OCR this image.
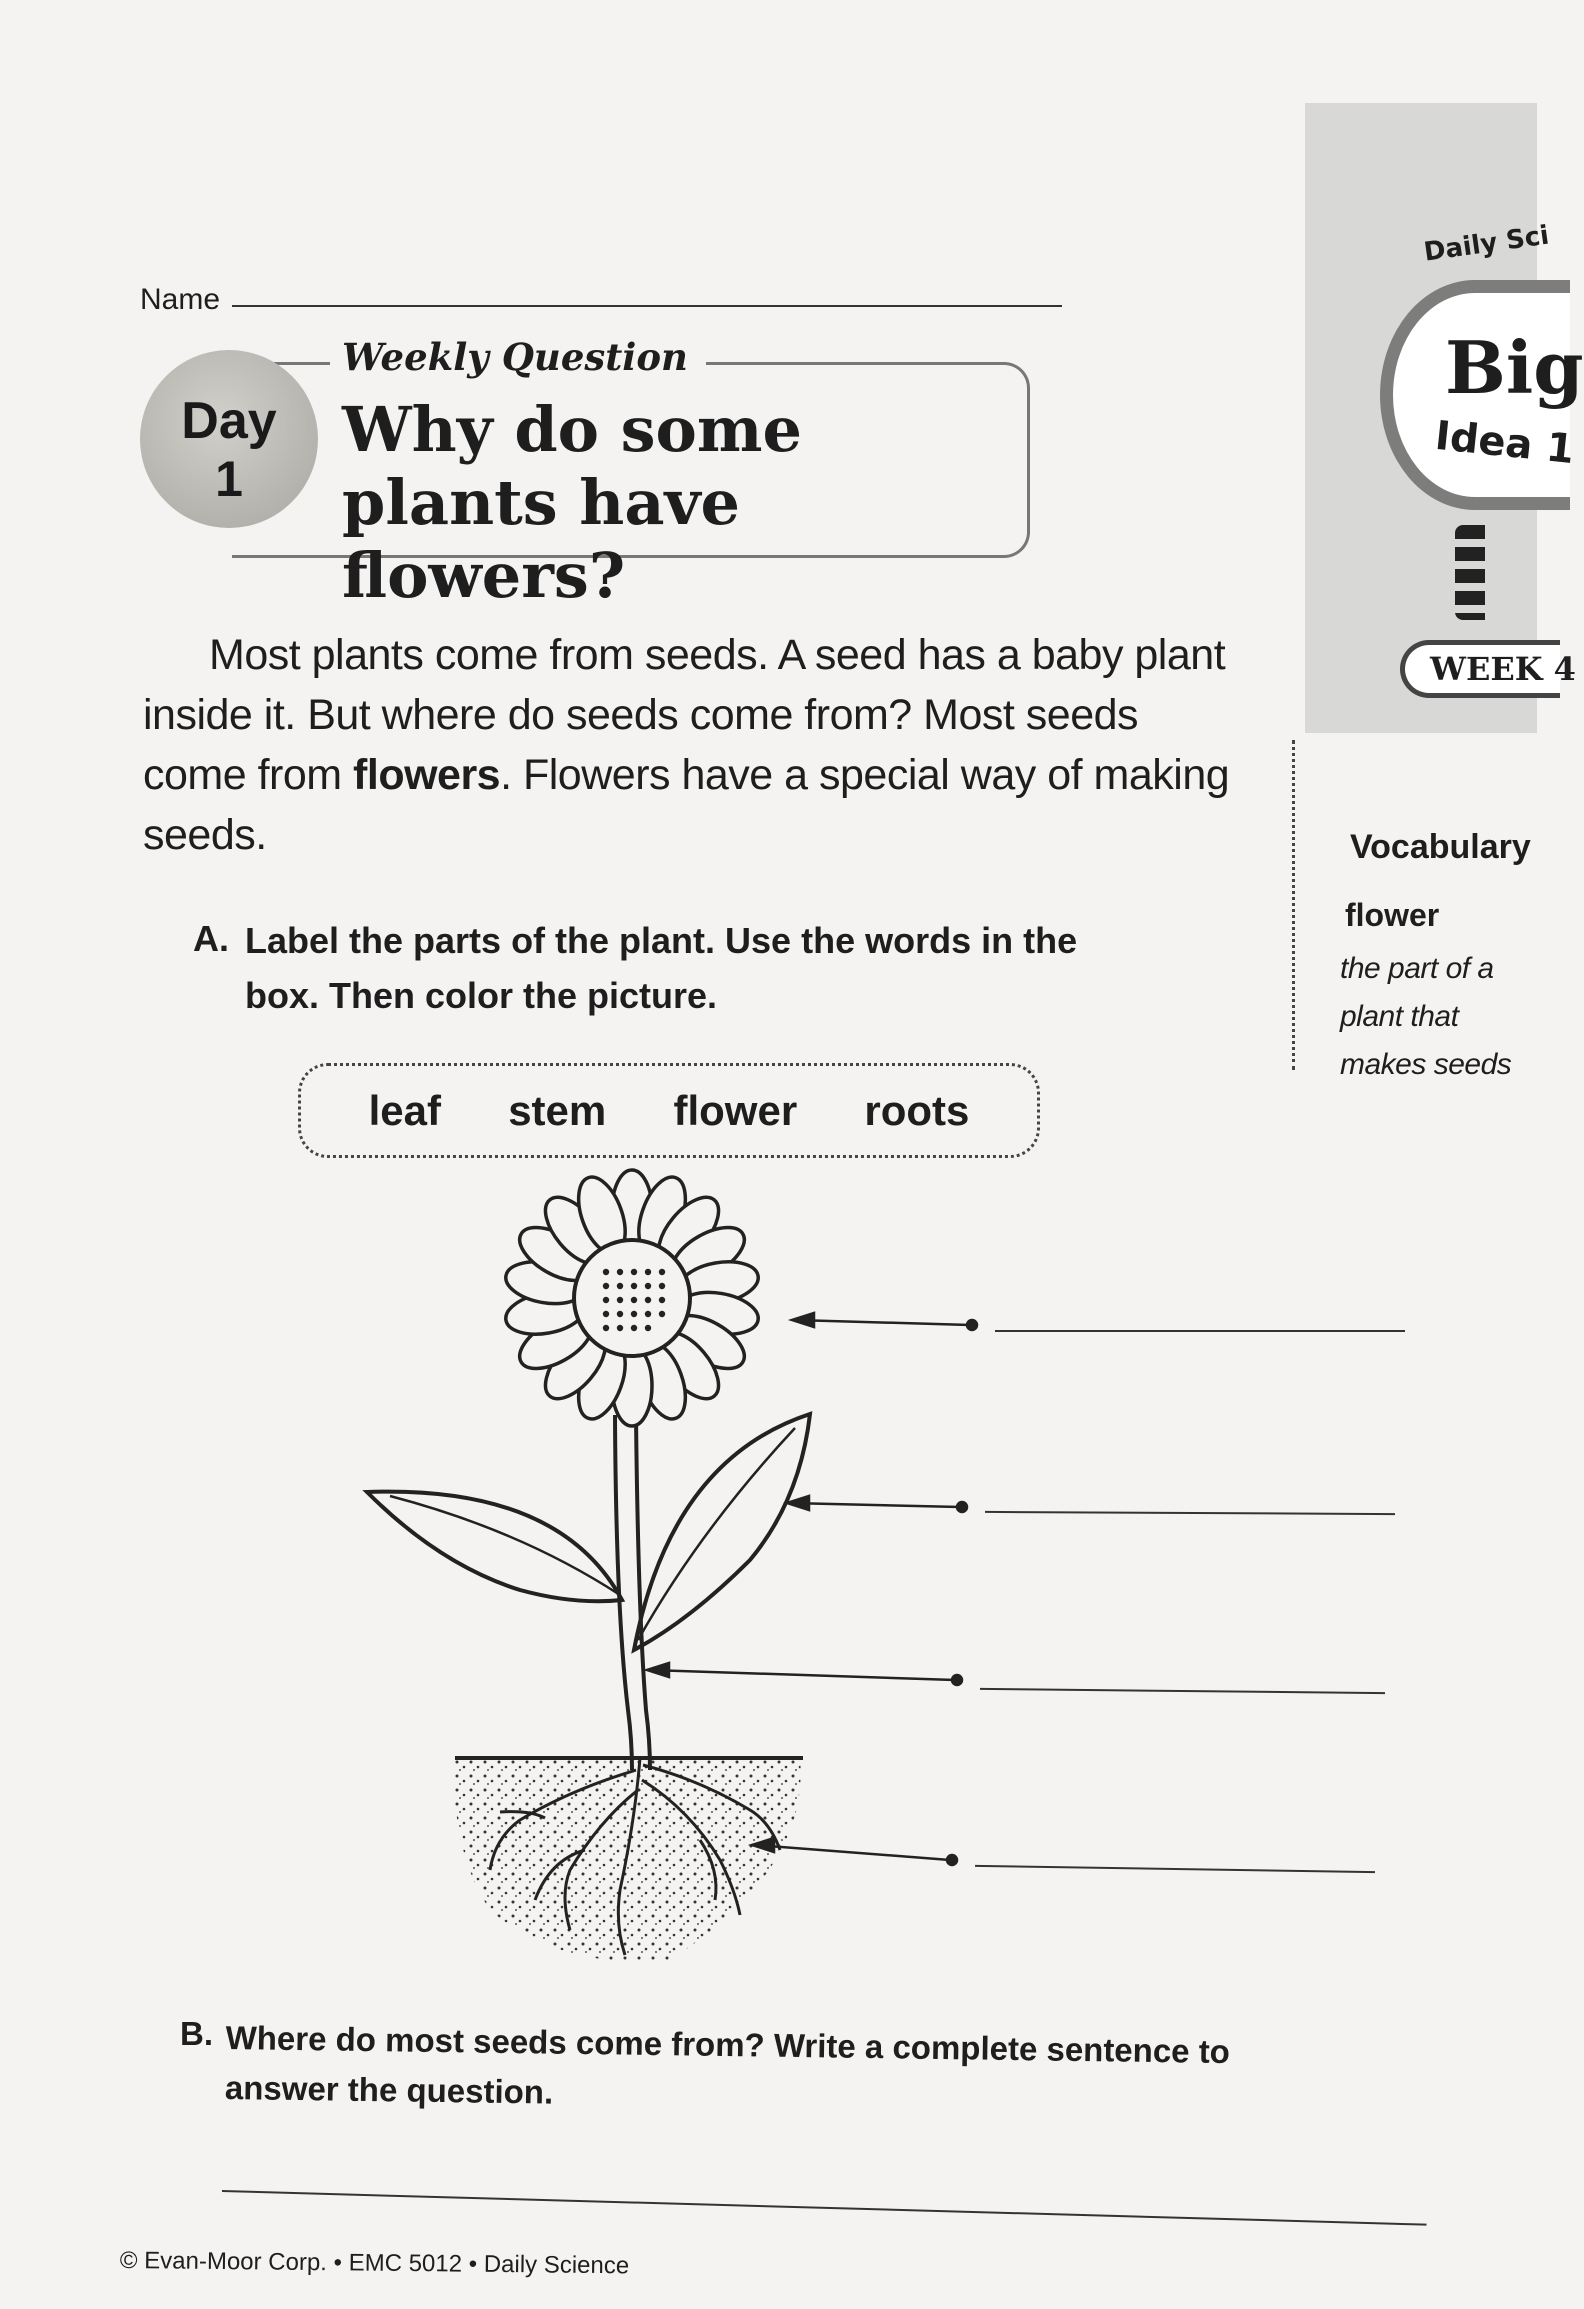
Name
Weekly Question
Why do some plants have flowers?
Day
1
Most plants come from seeds. A seed has a baby plant inside it. But where do seeds come from? Most seeds come from flowers. Flowers have a special way of making seeds.
A. Label the parts of the plant. Use the words in the box. Then color the picture.
leaf stem flower roots
B. Where do most seeds come from? Write a complete sentence to answer the question.
© Evan-Moor Corp. • EMC 5012 • Daily Science
Daily Sci
Big
Idea 1
WEEK 4
Vocabulary
flower
the part of a plant that makes seeds
